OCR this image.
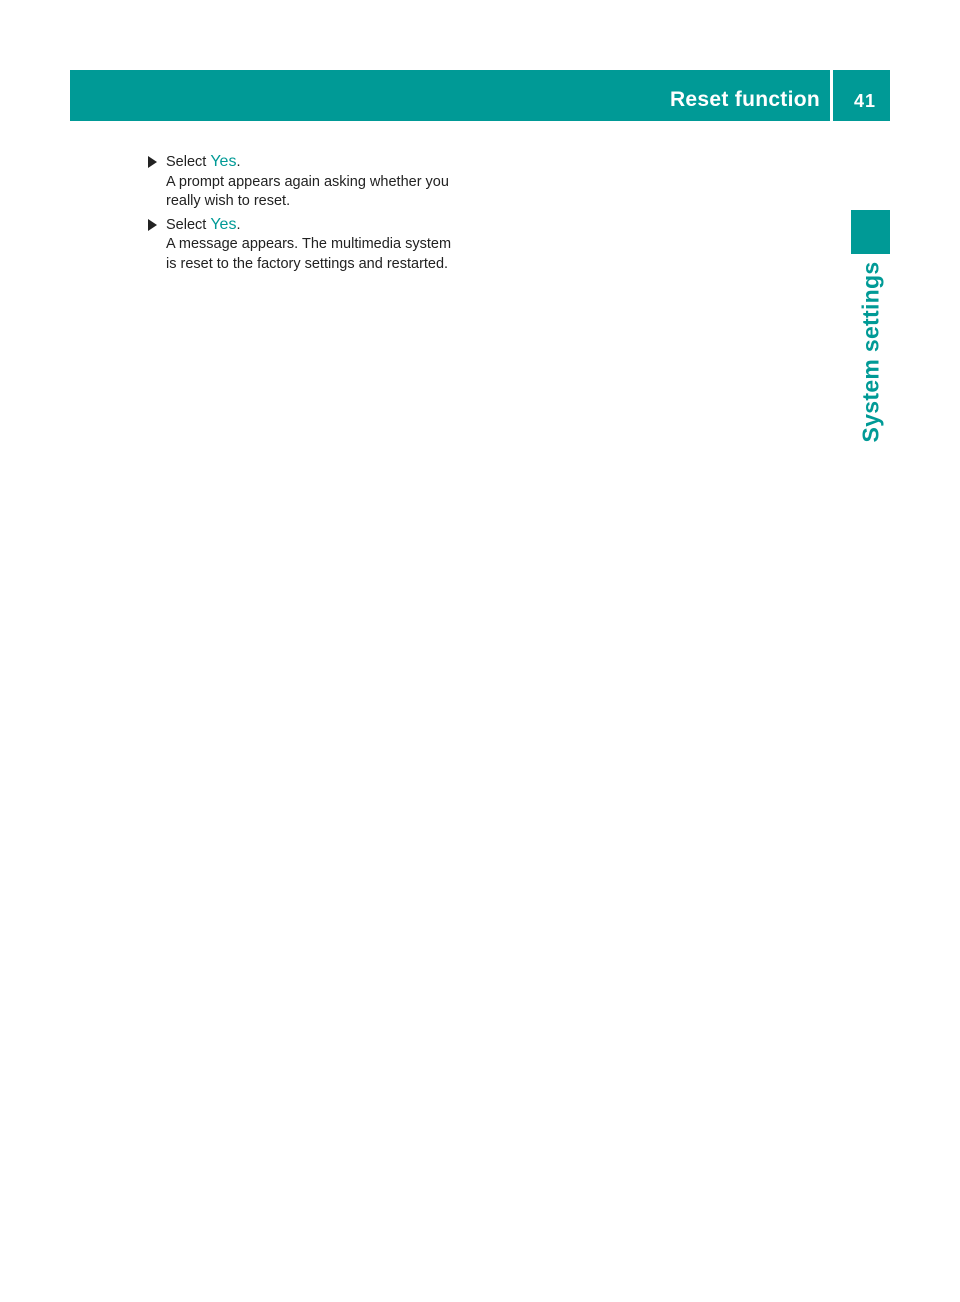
Reset function 41
System settings
Select Yes.
A prompt appears again asking whether you
really wish to reset.
Select Yes.
A message appears. The multimedia system
is reset to the factory settings and restarted.
